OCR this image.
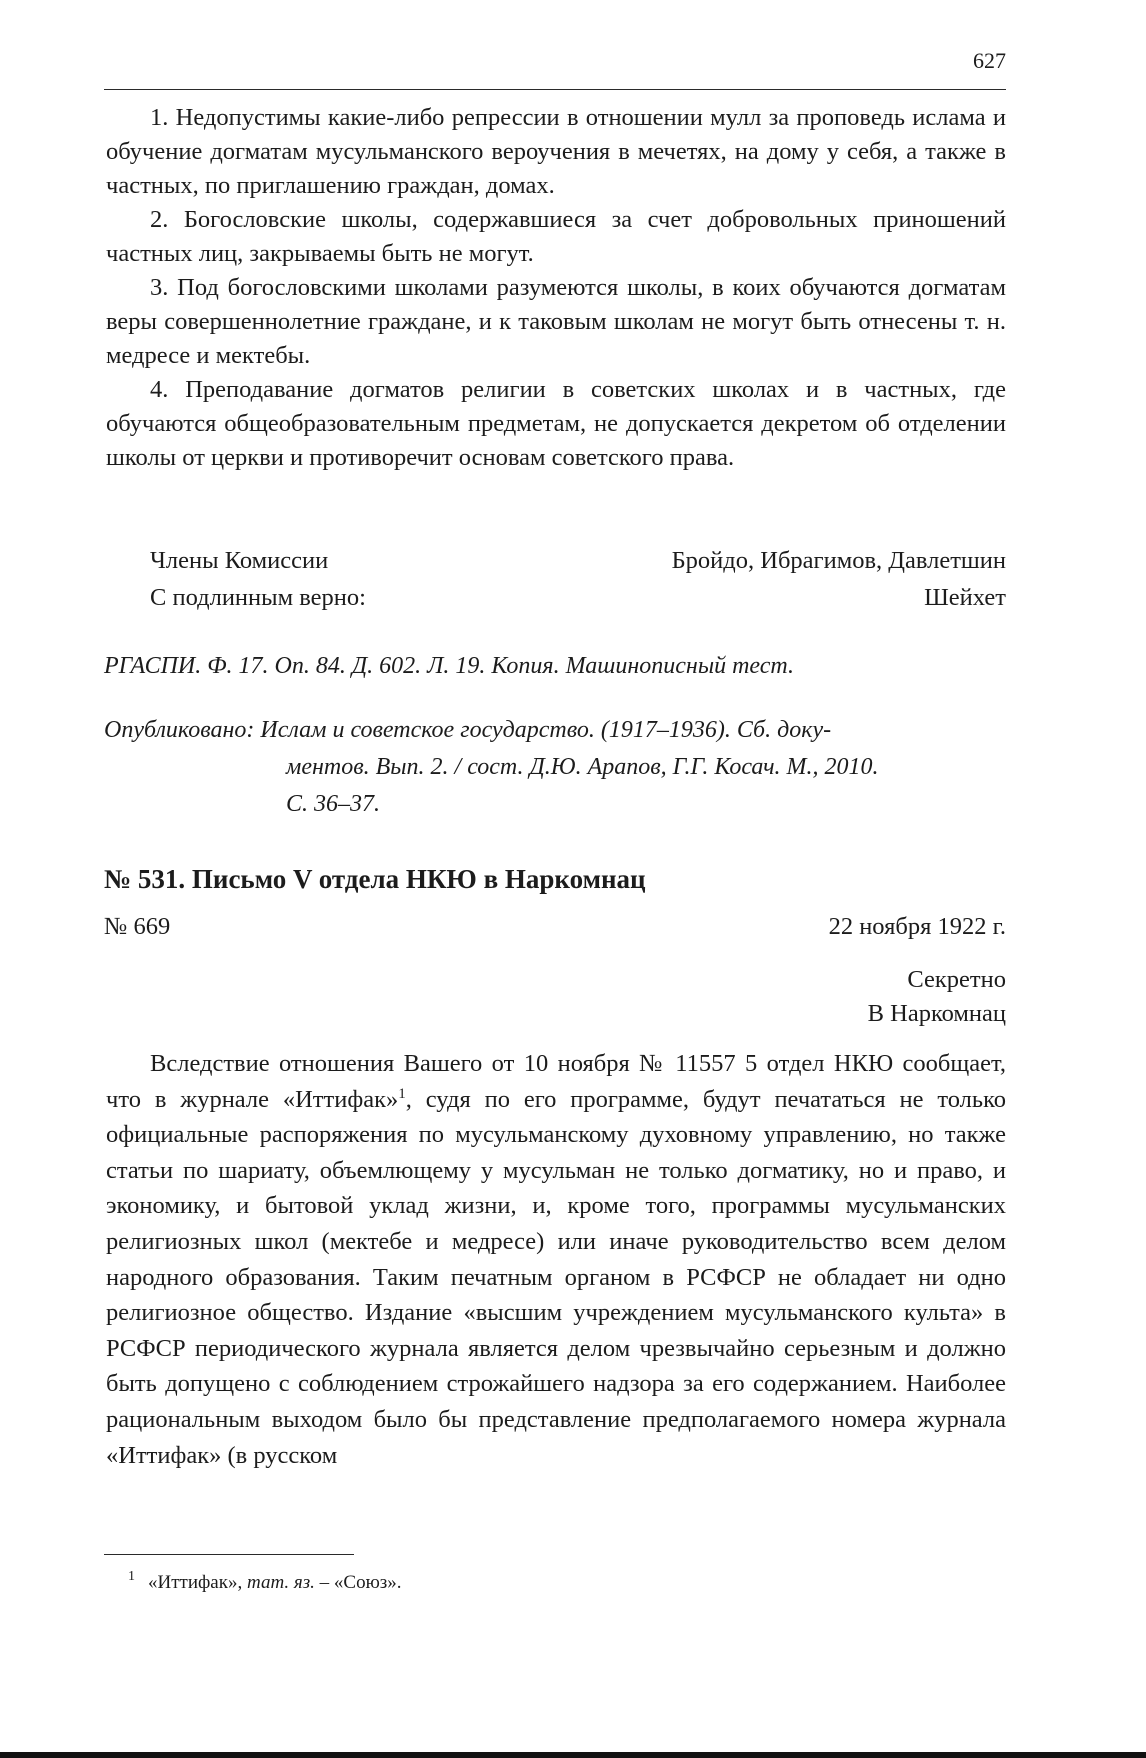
627

1. Недопустимы какие-либо репрессии в отношении мулл за проповедь ислама и обучение догматам мусульманского вероучения в мечетях, на дому у себя, а также в частных, по приглашению граждан, домах.

2. Богословские школы, содержавшиеся за счет добровольных приношений частных лиц, закрываемы быть не могут.

3. Под богословскими школами разумеются школы, в коих обучаются догматам веры совершеннолетние граждане, и к таковым школам не могут быть отнесены т. н. медресе и мектебы.

4. Преподавание догматов религии в советских школах и в частных, где обучаются общеобразовательным предметам, не допускается декретом об отделении школы от церкви и противоречит основам советского права.

Члены Комиссии	Бройдо, Ибрагимов, Давлетшин
С подлинным верно:	Шейхет
РГАСПИ. Ф. 17. Оп. 84. Д. 602. Л. 19. Копия. Машинописный тест.
Опубликовано: Ислам и советское государство. (1917–1936). Сб. доку-
ментов. Вып. 2. / сост. Д.Ю. Арапов, Г.Г. Косач. М., 2010.
С. 36–37.
№ 531. Письмо V отдела НКЮ в Наркомнац
№ 669	22 ноября 1922 г.
Секретно
В Наркомнац

Вследствие отношения Вашего от 10 ноября № 11557 5 отдел НКЮ сообщает, что в журнале «Иттифак»$^1$, судя по его программе, будут печататься не только официальные распоряжения по мусульманскому духовному управлению, но также статьи по шариату, объемлющему у мусульман не только догматику, но и право, и экономику, и бытовой уклад жизни, и, кроме того, программы мусульманских религиозных школ (мектебе и медресе) или иначе руководительство всем делом народного образования. Таким печатным органом в РСФСР не обладает ни одно религиозное общество. Издание «высшим учреждением мусульманского культа» в РСФСР периодического журнала является делом чрезвычайно серьезным и должно быть допущено с соблюдением строжайшего надзора за его содержанием. Наиболее рациональным выходом было бы представление предполагаемого номера журнала «Иттифак» (в русском

1 «Иттифак», тат. яз. – «Союз».
